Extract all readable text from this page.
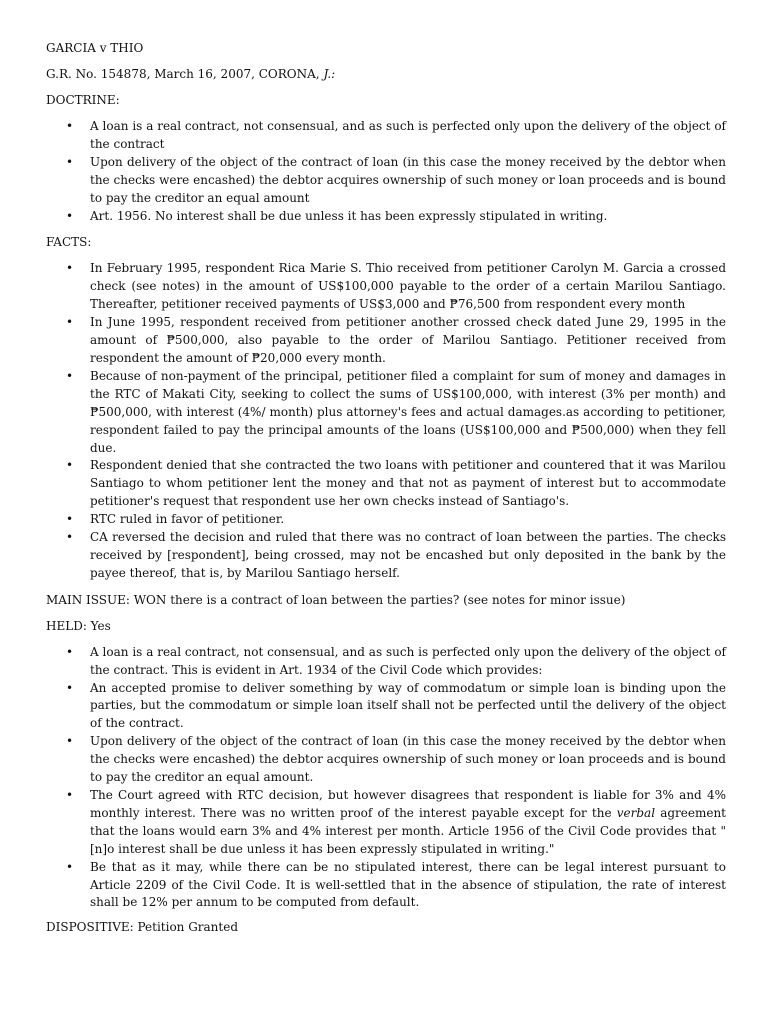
GARCIA v THIO

G.R. No. 154878, March 16, 2007, CORONA, J.:

DOCTRINE:

• A loan is a real contract, not consensual, and as such is perfected only upon the delivery of the object of the contract
• Upon delivery of the object of the contract of loan (in this case the money received by the debtor when the checks were encashed) the debtor acquires ownership of such money or loan proceeds and is bound to pay the creditor an equal amount
• Art. 1956. No interest shall be due unless it has been expressly stipulated in writing.

FACTS:

• In February 1995, respondent Rica Marie S. Thio received from petitioner Carolyn M. Garcia a crossed check (see notes) in the amount of US$100,000 payable to the order of a certain Marilou Santiago. Thereafter, petitioner received payments of US$3,000 and ₱76,500 from respondent every month
• In June 1995, respondent received from petitioner another crossed check dated June 29, 1995 in the amount of ₱500,000, also payable to the order of Marilou Santiago. Petitioner received from respondent the amount of ₱20,000 every month.
• Because of non-payment of the principal, petitioner filed a complaint for sum of money and damages in the RTC of Makati City, seeking to collect the sums of US$100,000, with interest (3% per month) and ₱500,000, with interest (4%/ month) plus attorney's fees and actual damages.as according to petitioner, respondent failed to pay the principal amounts of the loans (US$100,000 and ₱500,000) when they fell due.
• Respondent denied that she contracted the two loans with petitioner and countered that it was Marilou Santiago to whom petitioner lent the money and that not as payment of interest but to accommodate petitioner's request that respondent use her own checks instead of Santiago's.
• RTC ruled in favor of petitioner.
• CA reversed the decision and ruled that there was no contract of loan between the parties. The checks received by [respondent], being crossed, may not be encashed but only deposited in the bank by the payee thereof, that is, by Marilou Santiago herself.

MAIN ISSUE: WON there is a contract of loan between the parties? (see notes for minor issue)

HELD: Yes

• A loan is a real contract, not consensual, and as such is perfected only upon the delivery of the object of the contract. This is evident in Art. 1934 of the Civil Code which provides:
• An accepted promise to deliver something by way of commodatum or simple loan is binding upon the parties, but the commodatum or simple loan itself shall not be perfected until the delivery of the object of the contract.
• Upon delivery of the object of the contract of loan (in this case the money received by the debtor when the checks were encashed) the debtor acquires ownership of such money or loan proceeds and is bound to pay the creditor an equal amount.
• The Court agreed with RTC decision, but however disagrees that respondent is liable for 3% and 4% monthly interest. There was no written proof of the interest payable except for the verbal agreement that the loans would earn 3% and 4% interest per month. Article 1956 of the Civil Code provides that "[n]o interest shall be due unless it has been expressly stipulated in writing."
• Be that as it may, while there can be no stipulated interest, there can be legal interest pursuant to Article 2209 of the Civil Code. It is well-settled that in the absence of stipulation, the rate of interest shall be 12% per annum to be computed from default.

DISPOSITIVE: Petition Granted
